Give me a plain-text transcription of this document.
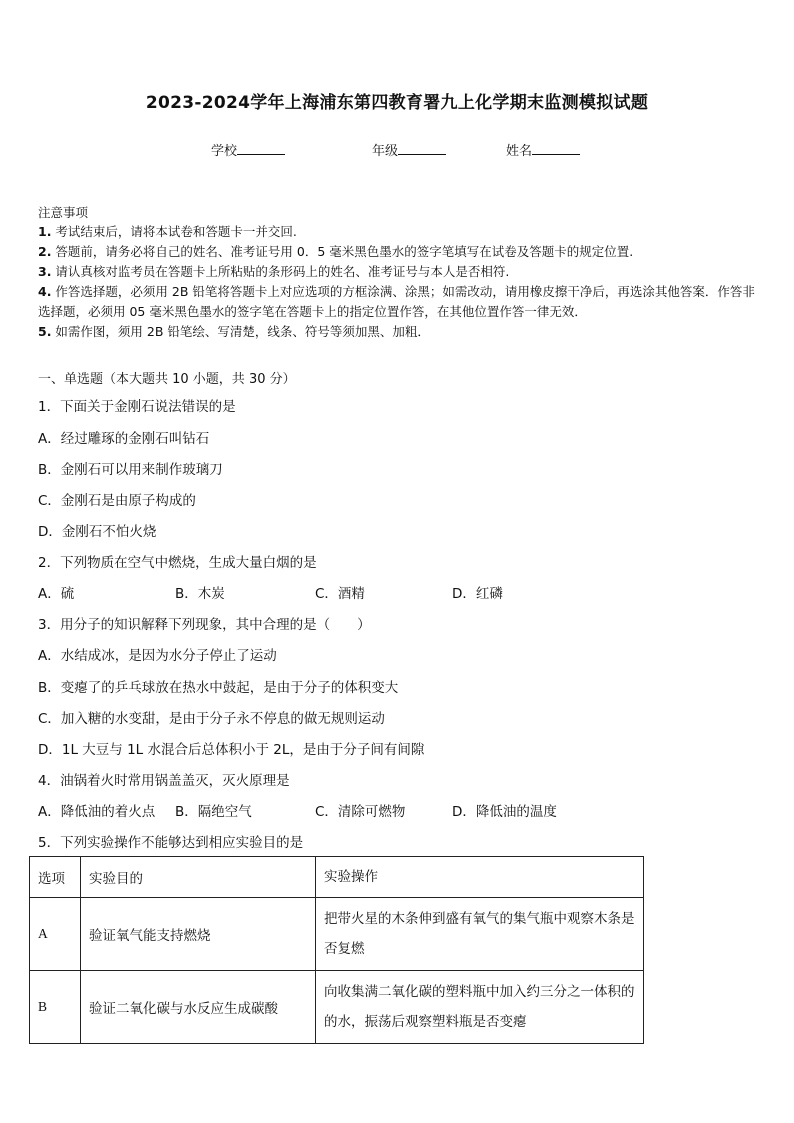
2023-2024学年上海浦东第四教育署九上化学期末监测模拟试题
学校	年级	姓名
注意事项
1. 考试结束后，请将本试卷和答题卡一并交回.
2. 答题前，请务必将自己的姓名、准考证号用 0．5 毫米黑色墨水的签字笔填写在试卷及答题卡的规定位置.
3. 请认真核对监考员在答题卡上所粘贴的条形码上的姓名、准考证号与本人是否相符.
4. 作答选择题，必须用 2B 铅笔将答题卡上对应选项的方框涂满、涂黑；如需改动，请用橡皮擦干净后，再选涂其他答案．作答非选择题，必须用 05 毫米黑色墨水的签字笔在答题卡上的指定位置作答，在其他位置作答一律无效．
5. 如需作图，须用 2B 铅笔绘、写清楚，线条、符号等须加黑、加粗．
一、单选题（本大题共 10 小题，共 30 分）
1．下面关于金刚石说法错误的是
A．经过雕琢的金刚石叫钻石
B．金刚石可以用来制作玻璃刀
C．金刚石是由原子构成的
D．金刚石不怕火烧
2．下列物质在空气中燃烧，生成大量白烟的是
A．硫	B．木炭	C．酒精	D．红磷
3．用分子的知识解释下列现象，其中合理的是（　　）
A．水结成冰，是因为水分子停止了运动
B．变瘪了的乒乓球放在热水中鼓起，是由于分子的体积变大
C．加入糖的水变甜，是由于分子永不停息的做无规则运动
D．1L 大豆与 1L 水混合后总体积小于 2L，是由于分子间有间隙
4．油锅着火时常用锅盖盖灭，灭火原理是
A．降低油的着火点 B．隔绝空气	C．清除可燃物	D．降低油的温度
5．下列实验操作不能够达到相应实验目的是
选项	实验目的	实验操作
A	验证氧气能支持燃烧	把带火星的木条伸到盛有氧气的集气瓶中观察木条是否复燃
B	验证二氧化碳与水反应生成碳酸	向收集满二氧化碳的塑料瓶中加入约三分之一体积的的水，振荡后观察塑料瓶是否变瘪
